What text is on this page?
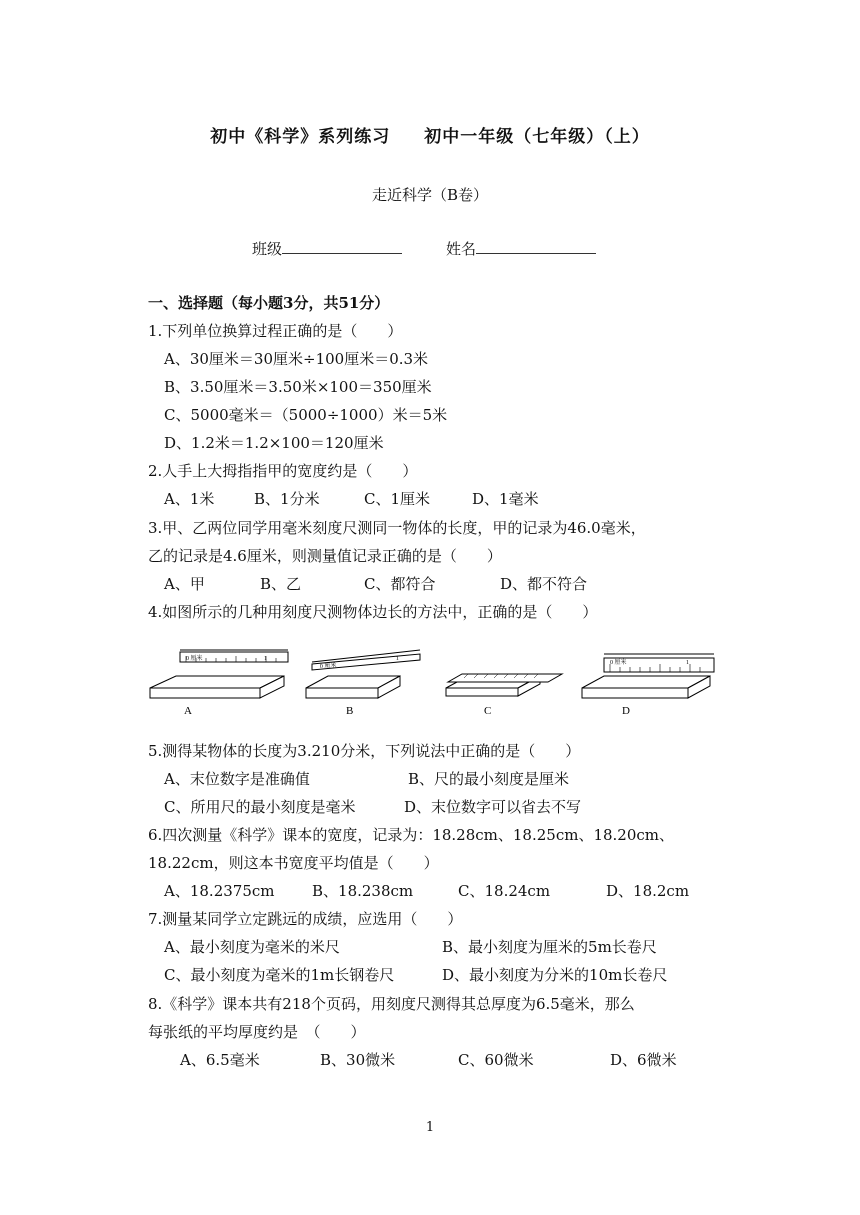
初中《科学》系列练习 初中一年级（七年级）（上）
走近科学（B卷）
班级	姓名
一、选择题（每小题3分，共51分）
1.下列单位换算过程正确的是（　　）
A、30厘米＝30厘米÷100厘米＝0.3米
B、3.50厘米＝3.50米×100＝350厘米
C、5000毫米＝（5000÷1000）米＝5米
D、1.2米＝1.2×100＝120厘米
2.人手上大拇指指甲的宽度约是（　　）
A、1米	B、1分米	C、1厘米	D、1毫米
3.甲、乙两位同学用毫米刻度尺测同一物体的长度，甲的记录为46.0毫米，
乙的记录是4.6厘米，则测量值记录正确的是（　　）
A、甲	B、乙	C、都符合	D、都不符合
4.如图所示的几种用刻度尺测物体边长的方法中，正确的是（　　）
0 厘米	1
A
0 厘米
1
B	C
0 厘米	1
D
5.测得某物体的长度为3.210分米，下列说法中正确的是（　　）
A、末位数字是准确值	B、尺的最小刻度是厘米
C、所用尺的最小刻度是毫米	D、末位数字可以省去不写
6.四次测量《科学》课本的宽度，记录为：18.28cm、18.25cm、18.20cm、
18.22cm，则这本书宽度平均值是（　　）
A、18.2375cm	B、18.238cm	C、18.24cm	D、18.2cm
7.测量某同学立定跳远的成绩，应选用（　　）
A、最小刻度为毫米的米尺	B、最小刻度为厘米的5m长卷尺
C、最小刻度为毫米的1m长钢卷尺	D、最小刻度为分米的10m长卷尺
8.《科学》课本共有218个页码，用刻度尺测得其总厚度为6.5毫米，那么
每张纸的平均厚度约是　（　　）
A、6.5毫米	B、30微米	C、60微米	D、6微米
1
